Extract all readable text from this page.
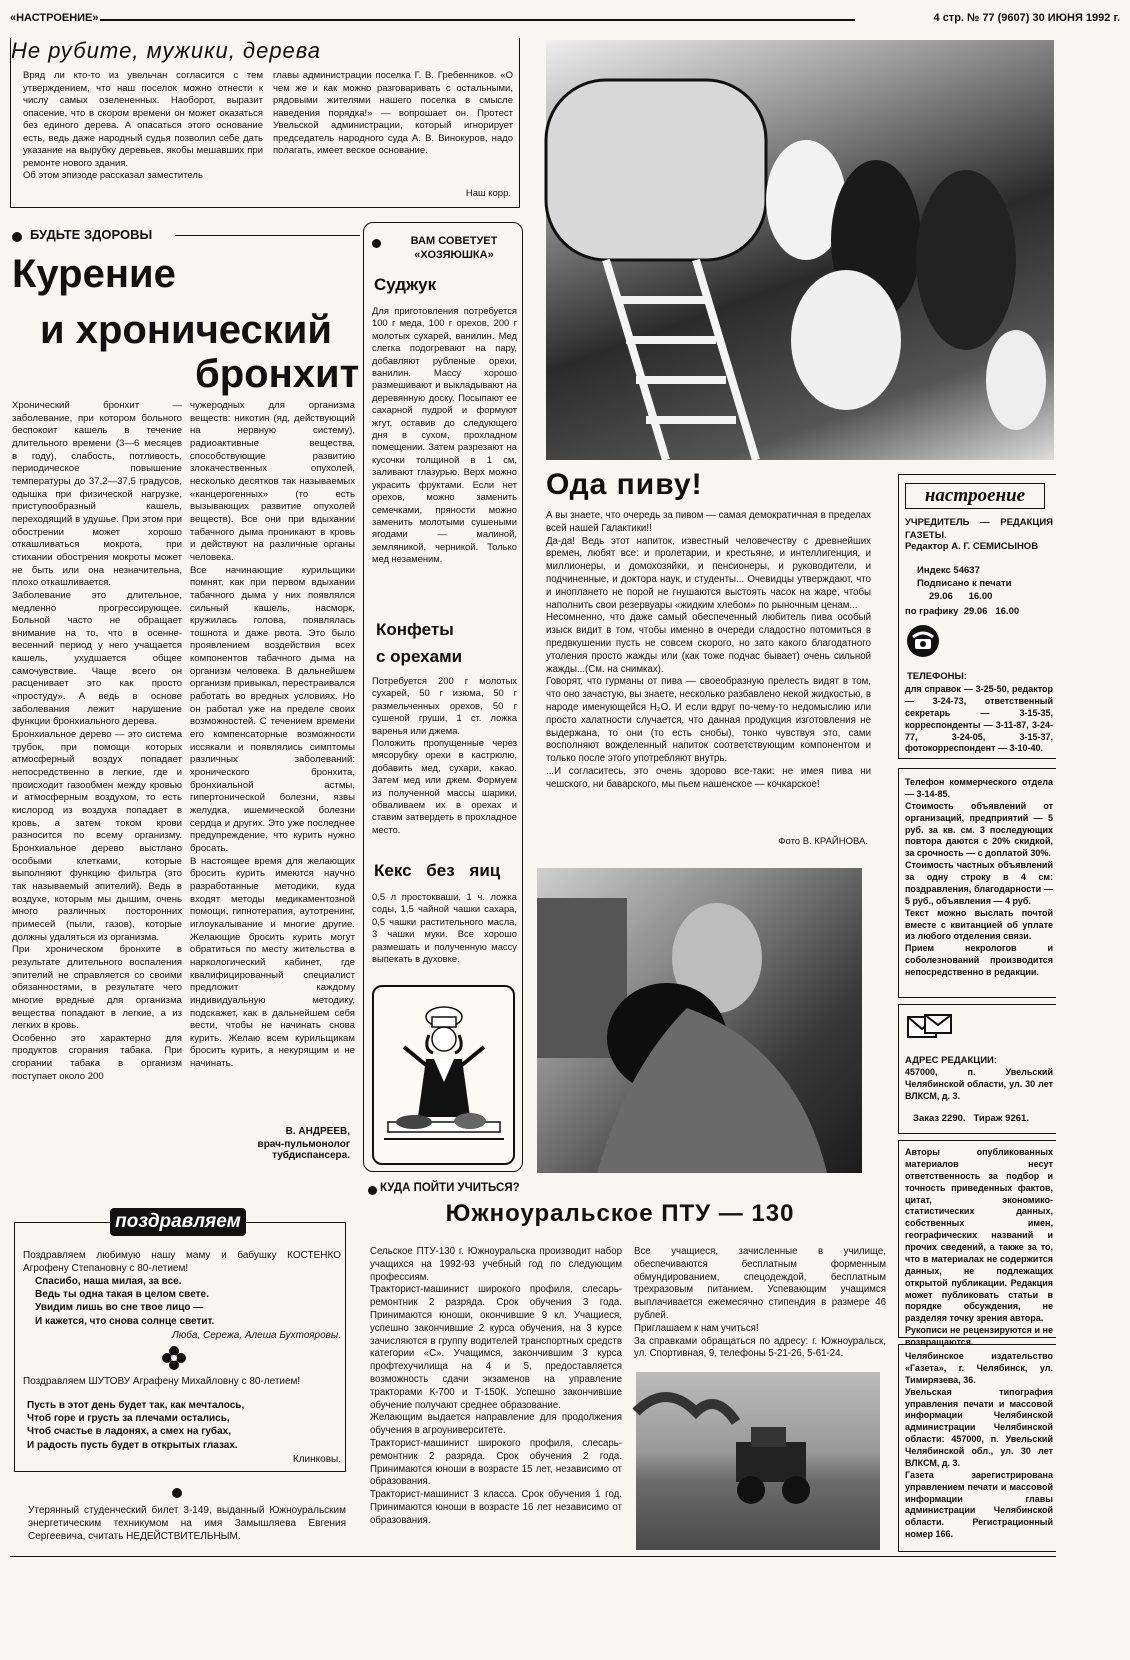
«НАСТРОЕНИЕ»	4 стр. № 77 (9607) 30 ИЮНЯ 1992 г.
Не рубите, мужики, дерева
Вряд ли кто-то из увельчан согласится с тем утверждением, что наш поселок можно отнести к числу самых озелененных. Наоборот, выразит опасение, что в скором времени он может оказаться без единого дерева. А опасаться этого основание есть, ведь даже народный судья позволил себе дать указание на вырубку деревьев, якобы мешавших при ремонте нового здания.
Об этом эпизоде рассказал заместитель
главы администрации поселка Г. В. Гребенников. «О чем же и как можно разговаривать с остальными, рядовыми жителями нашего поселка в смысле наведения порядка!» — вопрошает он. Протест Увельской администрации, который игнорирует председатель народного суда А. В. Винокуров, надо полагать, имеет веское основание.
Наш корр.
БУДЬТЕ ЗДОРОВЫ
Курение
и хронический
бронхит
Хронический бронхит — заболевание, при котором больного беспокоит кашель в течение длительного времени (3—6 месяцев в году), слабость, потливость, периодическое повышение температуры до 37,2—37,5 градусов, одышка при физической нагрузке, приступообразный кашель, переходящий в удушье. При этом при обострении может хорошо откашливаться мокрота, при стихании обострения мокроты может не быть или она незначительна, плохо откашливается.
Заболевание это длительное, медленно прогрессирующее. Больной часто не обращает внимание на то, что в осенне-весенний период у него учащается кашель, ухудшается общее самочувствие. Чаще всего он расценивает это как просто «простуду». А ведь в основе заболевания лежит нарушение функции бронхиального дерева.
Бронхиальное дерево — это система трубок, при помощи которых атмосферный воздух попадает непосредственно в легкие, где и происходит газообмен между кровью и атмосферным воздухом, то есть кислород из воздуха попадает в кровь, а затем током крови разносится по всему организму. Бронхиальное дерево выстлано особыми клетками, которые выполняют функцию фильтра (это так называемый эпителий). Ведь в воздухе, которым мы дышим, очень много различных посторонних примесей (пыли, газов), которые должны удаляться из организма.
При хроническом бронхите в результате длительного воспаления эпителий не справляется со своими обязанностями, в результате чего многие вредные для организма вещества попадают в легкие, а из легких в кровь.
Особенно это характерно для продуктов сгорания табака. При сгорании табака в организм поступает около 200
чужеродных для организма веществ: никотин (яд, действующий на нервную систему), радиоактивные вещества, способствующие развитию злокачественных опухолей, несколько десятков так называемых «канцерогенных» (то есть вызывающих развитие опухолей веществ). Все они при вдыхании табачного дыма проникают в кровь и действуют на различные органы человека.
Все начинающие курильщики помнят, как при первом вдыхании табачного дыма у них появлялся сильный кашель, насморк, кружилась голова, появлялась тошнота и даже рвота. Это было проявлением воздействия всех компонентов табачного дыма на организм человека. В дальнейшем организм привыкал, перестраивался работать во вредных условиях. Но он работал уже на пределе своих возможностей. С течением времени его компенсаторные возможности иссякали и появлялись симптомы различных заболеваний: хронического бронхита, бронхиальной астмы, гипертонической болезни, язвы желудка, ишемической болезни сердца и других. Это уже последнее предупреждение, что курить нужно бросать.
В настоящее время для желающих бросить курить имеются научно разработанные методики, куда входят методы медикаментозной помощи, гипнотерапия, аутотренинг, иглоукалывание и многие другие. Желающие бросить курить могут обратиться по месту жительства в наркологический кабинет, где квалифицированный специалист предложит каждому индивидуальную методику, подскажет, как в дальнейшем себя вести, чтобы не начинать снова курить. Желаю всем курильщикам бросить курить, а некурящим и не начинать.
В. АНДРЕЕВ,
врач-пульмонолог тубдиспансера.
ВАМ СОВЕТУЕТ
«ХОЗЯЮШКА»
Суджук
Для приготовления потребуется 100 г меда, 100 г орехов, 200 г молотых сухарей, ванилин. Мед слегка подогревают на пару, добавляют рубленые орехи, ванилин. Массу хорошо размешивают и выкладывают на деревянную доску. Посыпают ее сахарной пудрой и формуют жгут, оставив до следующего дня в сухом, прохладном помещении. Затем разрезают на кусочки толщиной в 1 см, заливают глазурью. Верх можно украсить фруктами. Если нет орехов, можно заменить семечками, пряности можно заменить молотыми сушеными ягодами — малиной, земляникой, черникой. Только мед незаменим.
Конфеты
с орехами
Потребуется 200 г молотых сухарей, 50 г изюма, 50 г размельченных орехов, 50 г сушеной груши, 1 ст. ложка варенья или джема.
Положить пропущенные через мясорубку орехи в кастрюлю, добавить мед, сухари, какао. Затем мед или джем. Формуем из полученной массы шарики, обваливаем их в орехах и ставим затвердеть в прохладное место.
Кекс без яиц
0,5 л простокваши, 1 ч. ложка соды, 1,5 чайной чашки сахара, 0,5 чашки растительного масла, 3 чашки муки. Все хорошо размешать и полученную массу выпекать в духовке.
Ода пиву!
А вы знаете, что очередь за пивом — самая демократичная в пределах всей нашей Галактики!!
Да-да! Ведь этот напиток, известный человечеству с древнейших времен, любят все: и пролетарии, и крестьяне, и интеллигенция, и миллионеры, и домохозяйки, и пенсионеры, и руководители, и подчиненные, и доктора наук, и студенты... Очевидцы утверждают, что и иноплането не порой не гнушаются выстоять часок на жаре, чтобы наполнить свои резервуары «жидким хлебом» по рыночным ценам...
Несомненно, что даже самый обеспеченный любитель пива особый изыск видит в том, чтобы именно в очереди сладостно потомиться в предвкушении пусть не совсем скорого, но зато какого благодатного утоления просто жажды или (как тоже подчас бывает) очень сильной жажды...(См. на снимках).
Говорят, что гурманы от пива — своеобразную прелесть видят в том, что оно зачастую, вы знаете, несколько разбавлено некой жидкостью, в народе именующейся H₂O. И если вдруг по-чему-то недомыслию или просто халатности случается, что данная продукция изготовления не выдержана, то они (то есть снобы), тонко чувствуя это, сами восполняют вожделенный напиток соответствующим компонентом и только после этого употребляют внутрь.
...И согласитесь, это очень здорово все-таки: не имея пива ни чешского, ни баварского, мы пьем нашенское — кочкарское!
Фото В. КРАЙНОВА.
настроение
УЧРЕДИТЕЛЬ — РЕДАКЦИЯ ГАЗЕТЫ.
Редактор А. Г. СЕМИСЫНОВ
Индекс 54637
Подписано к печати
29.06      16.00
по графику  29.06   16.00
ТЕЛЕФОНЫ:
для справок — 3-25-50, редактор — 3-24-73, ответственный секретарь — 3-15-35, корреспонденты — 3-11-87, 3-24-77, 3-24-05, 3-15-37, фотокорреспондент — 3-10-40.
Телефон коммерческого отдела — 3-14-85.
Стоимость объявлений от организаций, предприятий — 5 руб. за кв. см. 3 последующих повтора даются с 20% скидкой, за срочность — с доплатой 30%.
Стоимость частных объявлений за одну строку в 4 см: поздравления, благодарности — 5 руб., объявления — 4 руб.
Текст можно выслать почтой вместе с квитанцией об уплате из любого отделения связи.
Прием некрологов и соболезнований производится непосредственно в редакции.
АДРЕС РЕДАКЦИИ:
457000, п. Увельский Челябинской области, ул. 30 лет ВЛКСМ, д. 3.
Заказ 2290.   Тираж 9261.
Авторы опубликованных материалов несут ответственность за подбор и точность приведенных фактов, цитат, экономико-статистических данных, собственных имен, географических названий и прочих сведений, а также за то, что в материалах не содержится данных, не подлежащих открытой публикации. Редакция может публиковать статьи в порядке обсуждения, не разделяя точку зрения автора.
Рукописи не рецензируются и не возвращаются.
Челябинское издательство «Газета», г. Челябинск, ул. Тимирязева, 36.
Увельская типография управления печати и массовой информации Челябинской администрации Челябинской области: 457000, п. Увельский Челябинской обл., ул. 30 лет ВЛКСМ, д. 3.
Газета зарегистрирована управлением печати и массовой информации главы администрации Челябинской области. Регистрационный номер 166.
Поздравляем любимую нашу маму и бабушку КОСТЕНКО Агрофену Степановну с 80-летием!
Спасибо, наша милая, за все.
Ведь ты одна такая в целом свете.
Увидим лишь во сне твое лицо —
И кажется, что снова солнце светит.
Люба, Сережа, Алеша Бухтояровы.
Поздравляем ШУТОВУ Аграфену Михайловну с 80-летием!
Пусть в этот день будет так, как мечталось,
Чтоб горе и грусть за плечами остались,
Чтоб счастье в ладонях, а смех на губах,
И радость пусть будет в открытых глазах.
Клинковы.
поздравляем
Утерянный студенческий билет 3-149, выданный Южноуральским энергетическим техникумом на имя Замышляева Евгения Сергеевича, считать НЕДЕЙСТВИТЕЛЬНЫМ.
КУДА ПОЙТИ УЧИТЬСЯ?
Южноуральское ПТУ — 130
Сельское ПТУ-130 г. Южноуральска производит набор учащихся на 1992-93 учебный год по следующим профессиям.
Тракторист-машинист широкого профиля, слесарь-ремонтник 2 разряда. Срок обучения 3 года. Принимаются юноши, окончившие 9 кл. Учащиеся, успешно закончившие 2 курса обучения, на 3 курсе зачисляются в группу водителей транспортных средств категории «С». Учащимся, закончившим 3 курса профтехучилища на 4 и 5, предоставляется возможность сдачи экзаменов на управление тракторами К-700 и Т-150К. Успешно закончившие обучение получают среднее образование.
Желающим выдается направление для продолжения обучения в агроуниверситете.
Тракторист-машинист широкого профиля, слесарь-ремонтник 2 разряда. Срок обучения 2 года. Принимаются юноши в возрасте 15 лет, независимо от образования.
Тракторист-машинист 3 класса. Срок обучения 1 год. Принимаются юноши в возрасте 16 лет независимо от образования.
Все учащиеся, зачисленные в училище, обеспечиваются бесплатным форменным обмундированием, спецодеждой, бесплатным трехразовым питанием. Успевающим учащимся выплачивается ежемесячно стипендия в размере 46 рублей.
Приглашаем к нам учиться!
За справками обращаться по адресу: г. Южноуральск, ул. Спортивная, 9, телефоны 5-21-26, 5-61-24.
